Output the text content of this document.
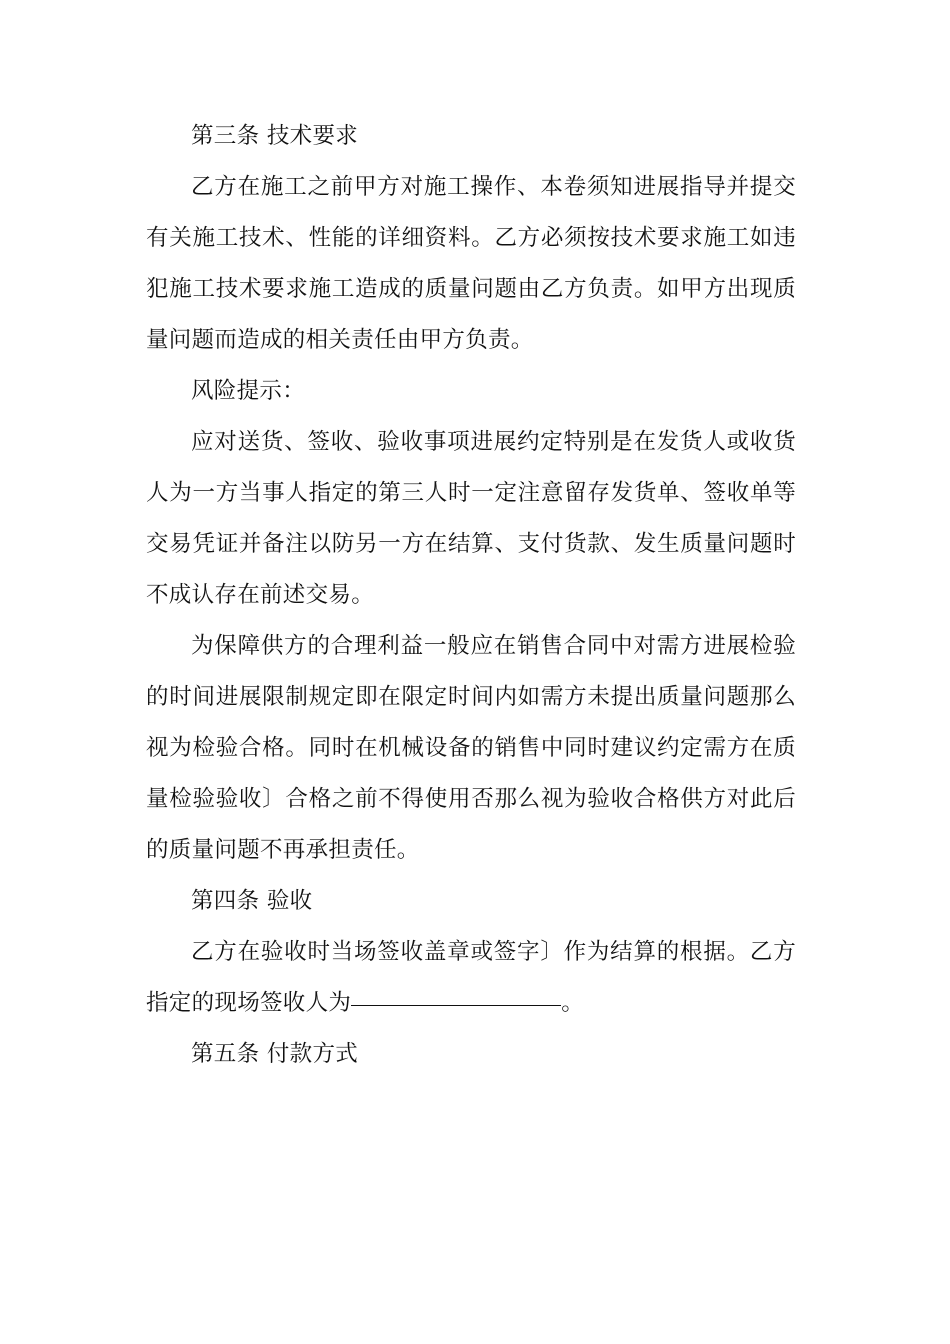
第三条 技术要求

乙方在施工之前甲方对施工操作、本卷须知进展指导并提交有关施工技术、性能的详细资料。乙方必须按技术要求施工如违犯施工技术要求施工造成的质量问题由乙方负责。如甲方出现质量问题而造成的相关责任由甲方负责。

风险提示：

应对送货、签收、验收事项进展约定特别是在发货人或收货人为一方当事人指定的第三人时一定注意留存发货单、签收单等交易凭证并备注以防另一方在结算、支付货款、发生质量问题时不成认存在前述交易。

为保障供方的合理利益一般应在销售合同中对需方进展检验的时间进展限制规定即在限定时间内如需方未提出质量问题那么视为检验合格。同时在机械设备的销售中同时建议约定需方在质量检验验收〕合格之前不得使用否那么视为验收合格供方对此后的质量问题不再承担责任。

第四条 验收

乙方在验收时当场签收盖章或签字〕作为结算的根据。乙方指定的现场签收人为	。

第五条 付款方式
